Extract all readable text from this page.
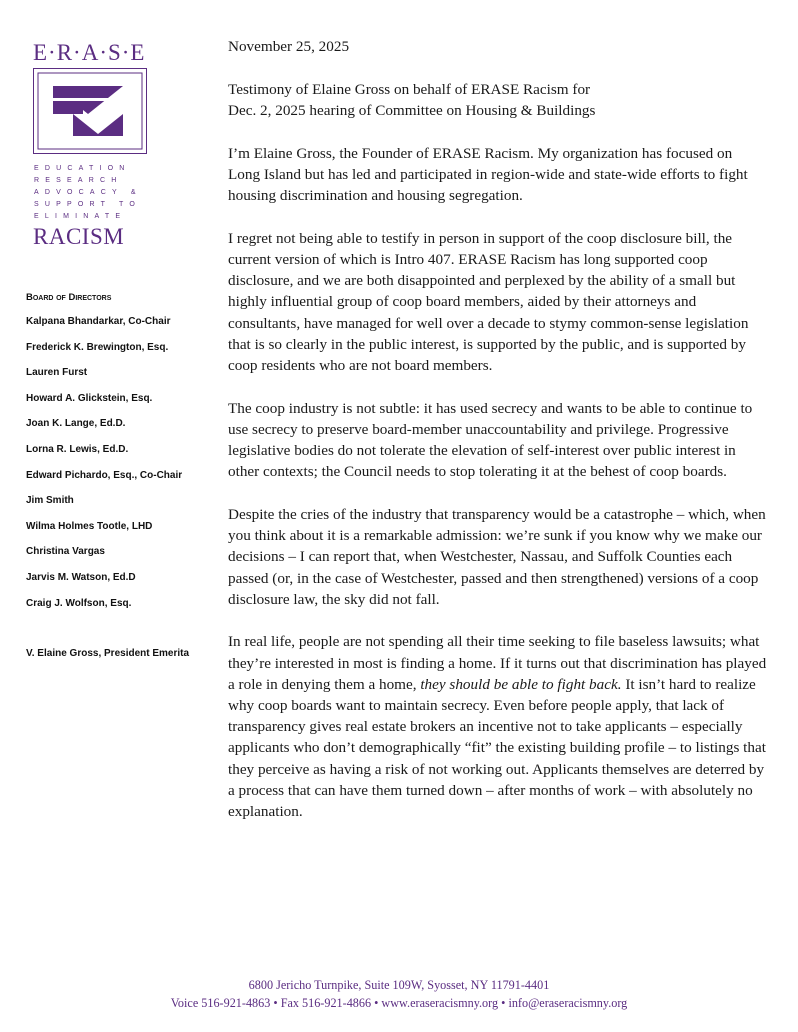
E·R·A·S·E
EDUCATION
RESEARCH
ADVOCACY &
SUPPORT TO
ELIMINATE
RACISM
Board of Directors
Kalpana Bhandarkar, Co-Chair
Frederick K. Brewington, Esq.
Lauren Furst
Howard A. Glickstein, Esq.
Joan K. Lange, Ed.D.
Lorna R. Lewis, Ed.D.
Edward Pichardo, Esq., Co-Chair
Jim Smith
Wilma Holmes Tootle, LHD
Christina Vargas
Jarvis M. Watson, Ed.D
Craig J. Wolfson, Esq.
V. Elaine Gross, President Emerita

November 25, 2025

Testimony of Elaine Gross on behalf of ERASE Racism for
Dec. 2, 2025 hearing of Committee on Housing & Buildings

I’m Elaine Gross, the Founder of ERASE Racism. My organization has focused on Long Island but has led and participated in region-wide and state-wide efforts to fight housing discrimination and housing segregation.

I regret not being able to testify in person in support of the coop disclosure bill, the current version of which is Intro 407. ERASE Racism has long supported coop disclosure, and we are both disappointed and perplexed by the ability of a small but highly influential group of coop board members, aided by their attorneys and consultants, have managed for well over a decade to stymy common-sense legislation that is so clearly in the public interest, is supported by the public, and is supported by coop residents who are not board members.

The coop industry is not subtle: it has used secrecy and wants to be able to continue to use secrecy to preserve board-member unaccountability and privilege. Progressive legislative bodies do not tolerate the elevation of self-interest over public interest in other contexts; the Council needs to stop tolerating it at the behest of coop boards.

Despite the cries of the industry that transparency would be a catastrophe – which, when you think about it is a remarkable admission: we’re sunk if you know why we make our decisions – I can report that, when Westchester, Nassau, and Suffolk Counties each passed (or, in the case of Westchester, passed and then strengthened) versions of a coop disclosure law, the sky did not fall.

In real life, people are not spending all their time seeking to file baseless lawsuits; what they’re interested in most is finding a home. If it turns out that discrimination has played a role in denying them a home, they should be able to fight back. It isn’t hard to realize why coop boards want to maintain secrecy. Even before people apply, that lack of transparency gives real estate brokers an incentive not to take applicants – especially applicants who don’t demographically “fit” the existing building profile – to listings that they perceive as having a risk of not working out. Applicants themselves are deterred by a process that can have them turned down – after months of work – with absolutely no explanation.

6800 Jericho Turnpike, Suite 109W, Syosset, NY 11791-4401
Voice 516-921-4863 • Fax 516-921-4866 • www.eraseracismny.org • info@eraseracismny.org
